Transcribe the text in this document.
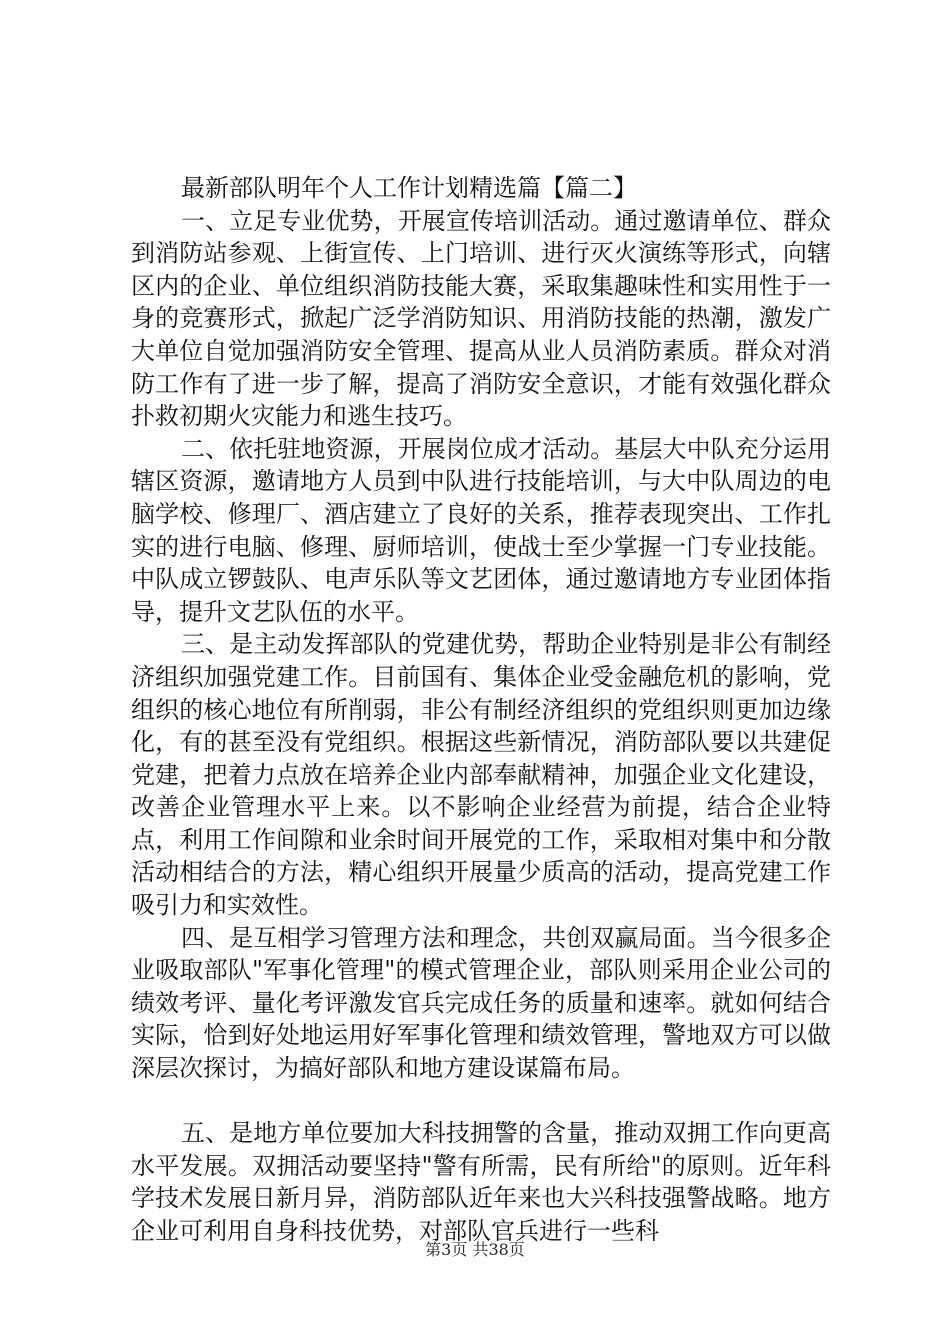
最新部队明年个人工作计划精选篇【篇二】

一、立足专业优势，开展宣传培训活动。通过邀请单位、群众到消防站参观、上街宣传、上门培训、进行灭火演练等形式，向辖区内的企业、单位组织消防技能大赛，采取集趣味性和实用性于一身的竞赛形式，掀起广泛学消防知识、用消防技能的热潮，激发广大单位自觉加强消防安全管理、提高从业人员消防素质。群众对消防工作有了进一步了解，提高了消防安全意识，才能有效强化群众扑救初期火灾能力和逃生技巧。

二、依托驻地资源，开展岗位成才活动。基层大中队充分运用辖区资源，邀请地方人员到中队进行技能培训，与大中队周边的电脑学校、修理厂、酒店建立了良好的关系，推荐表现突出、工作扎实的进行电脑、修理、厨师培训，使战士至少掌握一门专业技能。中队成立锣鼓队、电声乐队等文艺团体，通过邀请地方专业团体指导，提升文艺队伍的水平。

三、是主动发挥部队的党建优势，帮助企业特别是非公有制经济组织加强党建工作。目前国有、集体企业受金融危机的影响，党组织的核心地位有所削弱，非公有制经济组织的党组织则更加边缘化，有的甚至没有党组织。根据这些新情况，消防部队要以共建促党建，把着力点放在培养企业内部奉献精神，加强企业文化建设，改善企业管理水平上来。以不影响企业经营为前提，结合企业特点，利用工作间隙和业余时间开展党的工作，采取相对集中和分散活动相结合的方法，精心组织开展量少质高的活动，提高党建工作吸引力和实效性。

四、是互相学习管理方法和理念，共创双赢局面。当今很多企业吸取部队"军事化管理"的模式管理企业，部队则采用企业公司的绩效考评、量化考评激发官兵完成任务的质量和速率。就如何结合实际，恰到好处地运用好军事化管理和绩效管理，警地双方可以做深层次探讨，为搞好部队和地方建设谋篇布局。

五、是地方单位要加大科技拥警的含量，推动双拥工作向更高水平发展。双拥活动要坚持"警有所需，民有所给"的原则。近年科学技术发展日新月异，消防部队近年来也大兴科技强警战略。地方企业可利用自身科技优势，对部队官兵进行一些科

第3页 共38页
